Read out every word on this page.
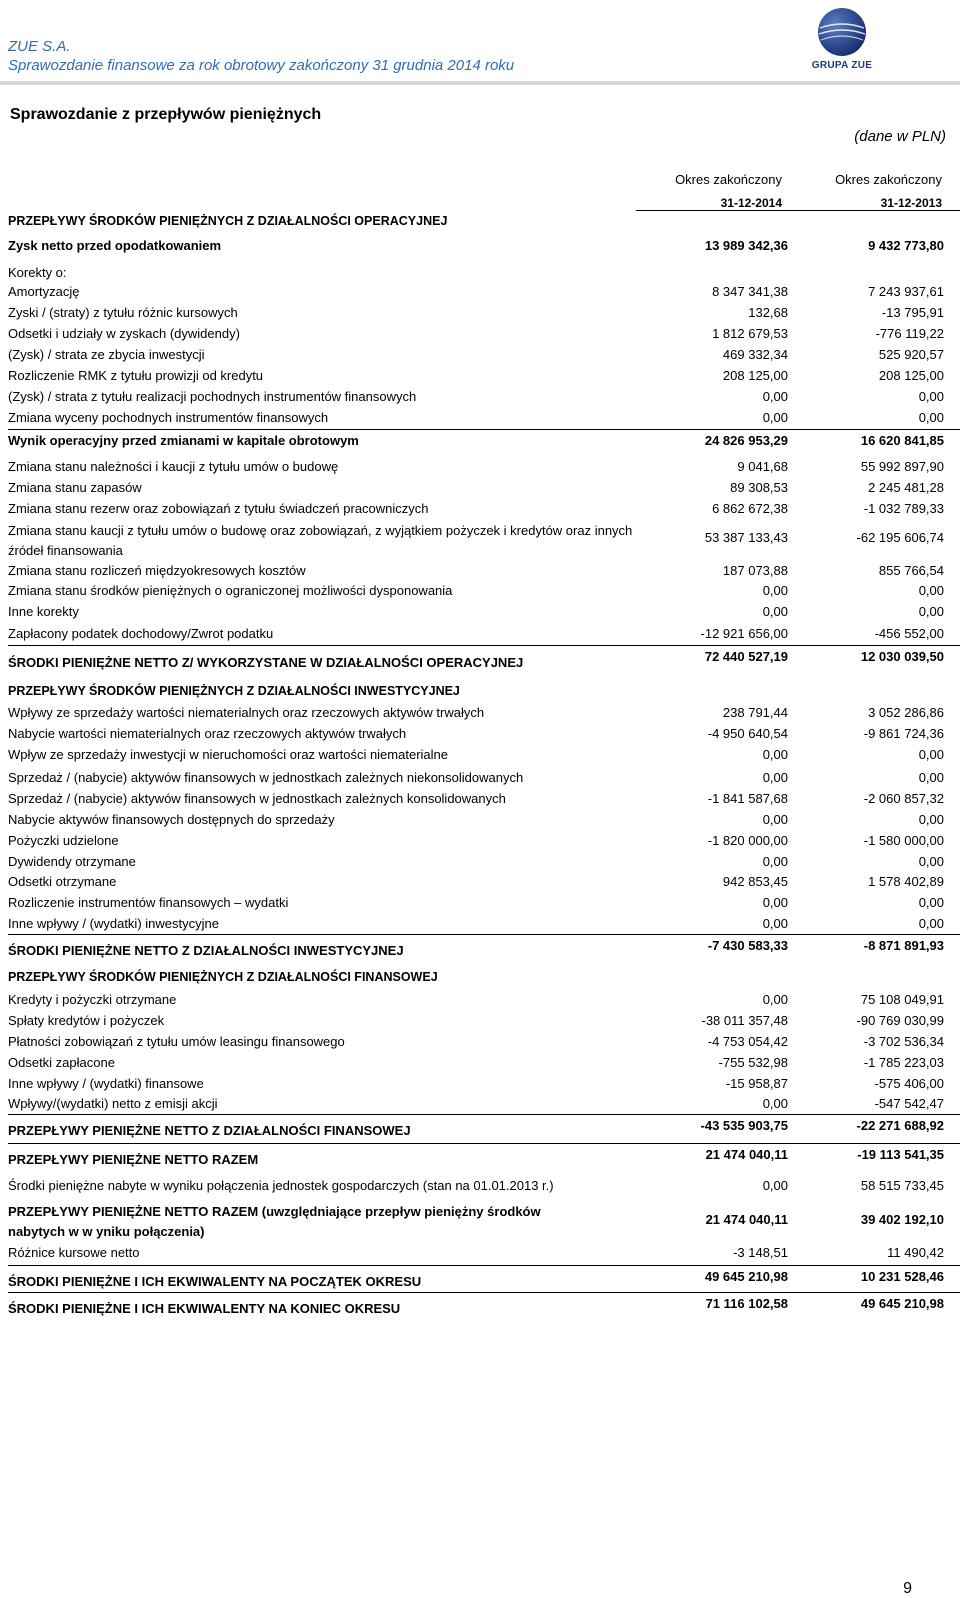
ZUE S.A.
Sprawozdanie finansowe za rok obrotowy zakończony 31 grudnia 2014 roku	GRUPA ZUE
Sprawozdanie z przepływów pieniężnych
(dane w PLN)
Okres zakończony
31-12-2014
Okres zakończony
31-12-2013
PRZEPŁYWY ŚRODKÓW PIENIĘŻNYCH Z DZIAŁALNOŚCI OPERACYJNEJ
Zysk netto przed opodatkowaniem	13 989 342,36	9 432 773,80
Korekty o:
Amortyzację	8 347 341,38	7 243 937,61
Zyski / (straty) z tytułu różnic kursowych	132,68	-13 795,91
Odsetki i udziały w zyskach (dywidendy)	1 812 679,53	-776 119,22
(Zysk) / strata ze zbycia inwestycji	469 332,34	525 920,57
Rozliczenie RMK z tytułu prowizji od kredytu	208 125,00	208 125,00
(Zysk) / strata z tytułu realizacji pochodnych instrumentów finansowych	0,00	0,00
Zmiana wyceny pochodnych instrumentów finansowych	0,00	0,00
Wynik operacyjny przed zmianami w kapitale obrotowym	24 826 953,29	16 620 841,85
Zmiana stanu należności i kaucji z tytułu umów o budowę	9 041,68	55 992 897,90
Zmiana stanu zapasów	89 308,53	2 245 481,28
Zmiana stanu rezerw oraz zobowiązań z tytułu świadczeń pracowniczych	6 862 672,38	-1 032 789,33
Zmiana stanu kaucji z tytułu umów o budowę oraz zobowiązań, z wyjątkiem pożyczek i kredytów oraz innych źródeł finansowania
53 387 133,43	-62 195 606,74
Zmiana stanu rozliczeń międzyokresowych kosztów	187 073,88	855 766,54
Zmiana stanu środków pieniężnych o ograniczonej możliwości dysponowania	0,00	0,00
Inne korekty	0,00	0,00
Zapłacony podatek dochodowy/Zwrot podatku	-12 921 656,00	-456 552,00
ŚRODKI PIENIĘŻNE NETTO Z/ WYKORZYSTANE W DZIAŁALNOŚCI OPERACYJNEJ	72 440 527,19	12 030 039,50
PRZEPŁYWY ŚRODKÓW PIENIĘŻNYCH Z DZIAŁALNOŚCI INWESTYCYJNEJ
Wpływy ze sprzedaży wartości niematerialnych oraz rzeczowych aktywów trwałych	238 791,44	3 052 286,86
Nabycie wartości niematerialnych oraz rzeczowych aktywów trwałych	-4 950 640,54	-9 861 724,36
Wpływ ze sprzedaży inwestycji w nieruchomości oraz wartości niematerialne	0,00	0,00
Sprzedaż / (nabycie) aktywów finansowych w jednostkach zależnych niekonsolidowanych	0,00	0,00
Sprzedaż / (nabycie) aktywów finansowych w jednostkach zależnych konsolidowanych	-1 841 587,68	-2 060 857,32
Nabycie aktywów finansowych dostępnych do sprzedaży	0,00	0,00
Pożyczki udzielone	-1 820 000,00	-1 580 000,00
Dywidendy otrzymane	0,00	0,00
Odsetki otrzymane	942 853,45	1 578 402,89
Rozliczenie instrumentów finansowych – wydatki	0,00	0,00
Inne wpływy / (wydatki) inwestycyjne	0,00	0,00
ŚRODKI PIENIĘŻNE NETTO Z DZIAŁALNOŚCI INWESTYCYJNEJ	-7 430 583,33	-8 871 891,93
PRZEPŁYWY ŚRODKÓW PIENIĘŻNYCH Z DZIAŁALNOŚCI FINANSOWEJ
Kredyty i pożyczki otrzymane	0,00	75 108 049,91
Spłaty kredytów i pożyczek	-38 011 357,48	-90 769 030,99
Płatności zobowiązań z tytułu umów leasingu finansowego	-4 753 054,42	-3 702 536,34
Odsetki zapłacone	-755 532,98	-1 785 223,03
Inne wpływy / (wydatki) finansowe	-15 958,87	-575 406,00
Wpływy/(wydatki) netto z emisji akcji	0,00	-547 542,47
PRZEPŁYWY PIENIĘŻNE NETTO Z DZIAŁALNOŚCI FINANSOWEJ	-43 535 903,75	-22 271 688,92
PRZEPŁYWY PIENIĘŻNE NETTO RAZEM	21 474 040,11	-19 113 541,35
Środki pieniężne nabyte w wyniku połączenia jednostek gospodarczych (stan na 01.01.2013 r.)	0,00	58 515 733,45
PRZEPŁYWY PIENIĘŻNE NETTO RAZEM (uwzględniające przepływ pieniężny środków nabytych w w yniku połączenia)
21 474 040,11	39 402 192,10
Różnice kursowe netto	-3 148,51	11 490,42
ŚRODKI PIENIĘŻNE I ICH EKWIWALENTY NA POCZĄTEK OKRESU	49 645 210,98	10 231 528,46
ŚRODKI PIENIĘŻNE I ICH EKWIWALENTY NA KONIEC OKRESU	71 116 102,58	49 645 210,98
9
